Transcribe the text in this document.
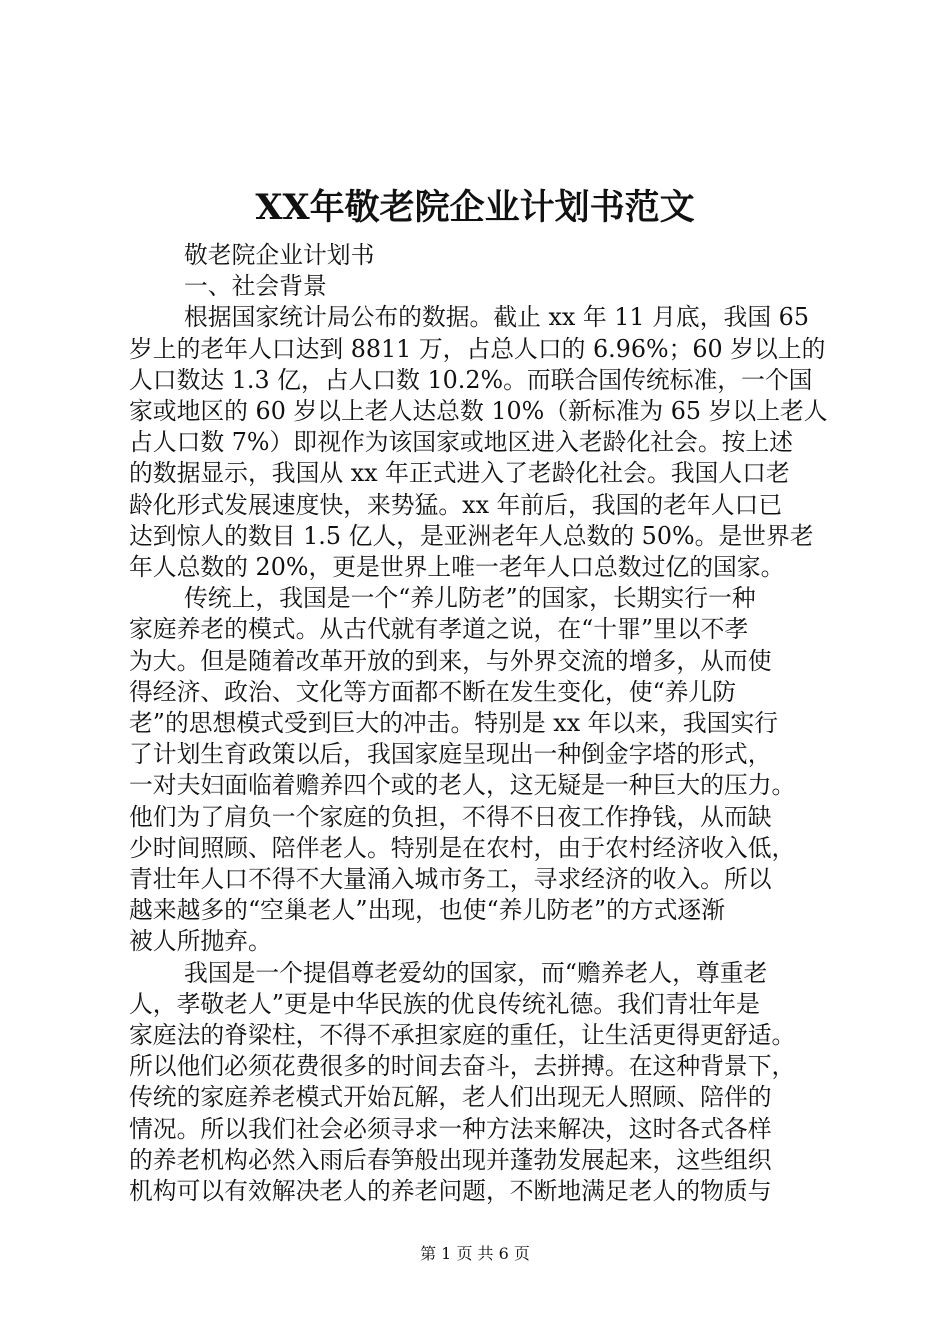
XX年敬老院企业计划书范文
敬老院企业计划书
一、社会背景
根据国家统计局公布的数据。截止 xx 年 11 月底，我国 65
岁上的老年人口达到 8811 万，占总人口的 6.96%；60 岁以上的
人口数达 1.3 亿，占人口数 10.2%。而联合国传统标准，一个国
家或地区的 60 岁以上老人达总数 10%（新标准为 65 岁以上老人
占人口数 7%）即视作为该国家或地区进入老龄化社会。按上述
的数据显示，我国从 xx 年正式进入了老龄化社会。我国人口老
龄化形式发展速度快，来势猛。xx 年前后，我国的老年人口已
达到惊人的数目 1.5 亿人，是亚洲老年人总数的 50%。是世界老
年人总数的 20%，更是世界上唯一老年人口总数过亿的国家。
传统上，我国是一个“养儿防老”的国家，长期实行一种
家庭养老的模式。从古代就有孝道之说，在“十罪”里以不孝
为大。但是随着改革开放的到来，与外界交流的增多，从而使
得经济、政治、文化等方面都不断在发生变化，使“养儿防
老”的思想模式受到巨大的冲击。特别是 xx 年以来，我国实行
了计划生育政策以后，我国家庭呈现出一种倒金字塔的形式，
一对夫妇面临着赡养四个或的老人，这无疑是一种巨大的压力。
他们为了肩负一个家庭的负担，不得不日夜工作挣钱，从而缺
少时间照顾、陪伴老人。特别是在农村，由于农村经济收入低，
青壮年人口不得不大量涌入城市务工，寻求经济的收入。所以
越来越多的“空巢老人”出现，也使“养儿防老”的方式逐渐
被人所抛弃。
我国是一个提倡尊老爱幼的国家，而“赡养老人，尊重老
人，孝敬老人”更是中华民族的优良传统礼德。我们青壮年是
家庭法的脊梁柱，不得不承担家庭的重任，让生活更得更舒适。
所以他们必须花费很多的时间去奋斗，去拼搏。在这种背景下，
传统的家庭养老模式开始瓦解，老人们出现无人照顾、陪伴的
情况。所以我们社会必须寻求一种方法来解决，这时各式各样
的养老机构必然入雨后春笋般出现并蓬勃发展起来，这些组织
机构可以有效解决老人的养老问题，不断地满足老人的物质与
第 1 页 共 6 页
